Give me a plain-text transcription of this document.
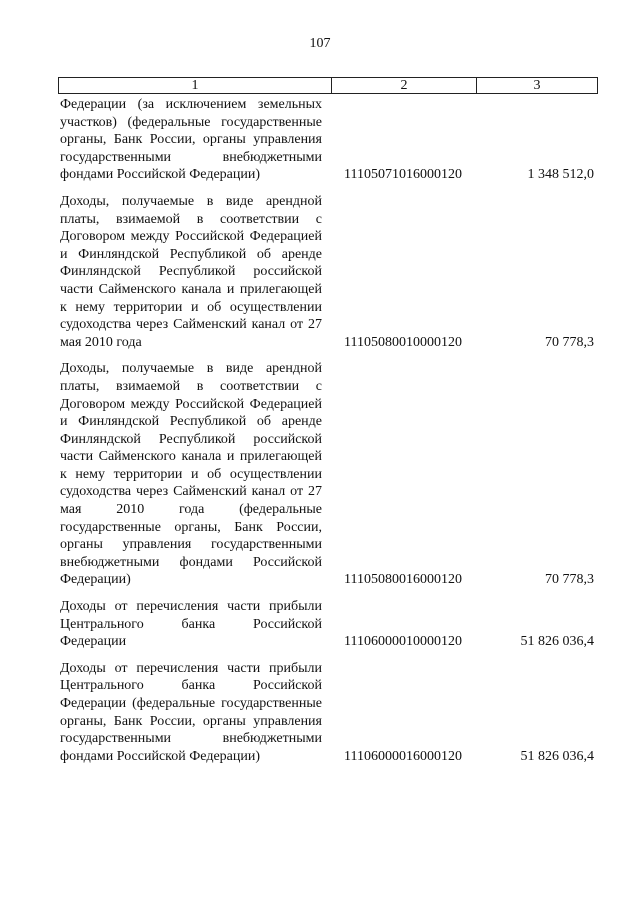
107
1	2	3
Федерации (за исключением земельных участков) (федеральные государственные органы, Банк России, органы управления государственными внебюджетными фондами Российской Федерации)	11105071016000120	1 348 512,0
Доходы, получаемые в виде арендной платы, взимаемой в соответствии с Договором между Российской Федерацией и Финляндской Республикой об аренде Финляндской Республикой российской части Сайменского канала и прилегающей к нему территории и об осуществлении судоходства через Сайменский канал от 27 мая 2010 года	11105080010000120	70 778,3
Доходы, получаемые в виде арендной платы, взимаемой в соответствии с Договором между Российской Федерацией и Финляндской Республикой об аренде Финляндской Республикой российской части Сайменского канала и прилегающей к нему территории и об осуществлении судоходства через Сайменский канал от 27 мая 2010 года (федеральные государственные органы, Банк России, органы управления государственными внебюджетными фондами Российской Федерации)	11105080016000120	70 778,3
Доходы от перечисления части прибыли Центрального банка Российской Федерации	11106000010000120	51 826 036,4
Доходы от перечисления части прибыли Центрального банка Российской Федерации (федеральные государственные органы, Банк России, органы управления государственными внебюджетными фондами Российской Федерации)	11106000016000120	51 826 036,4
